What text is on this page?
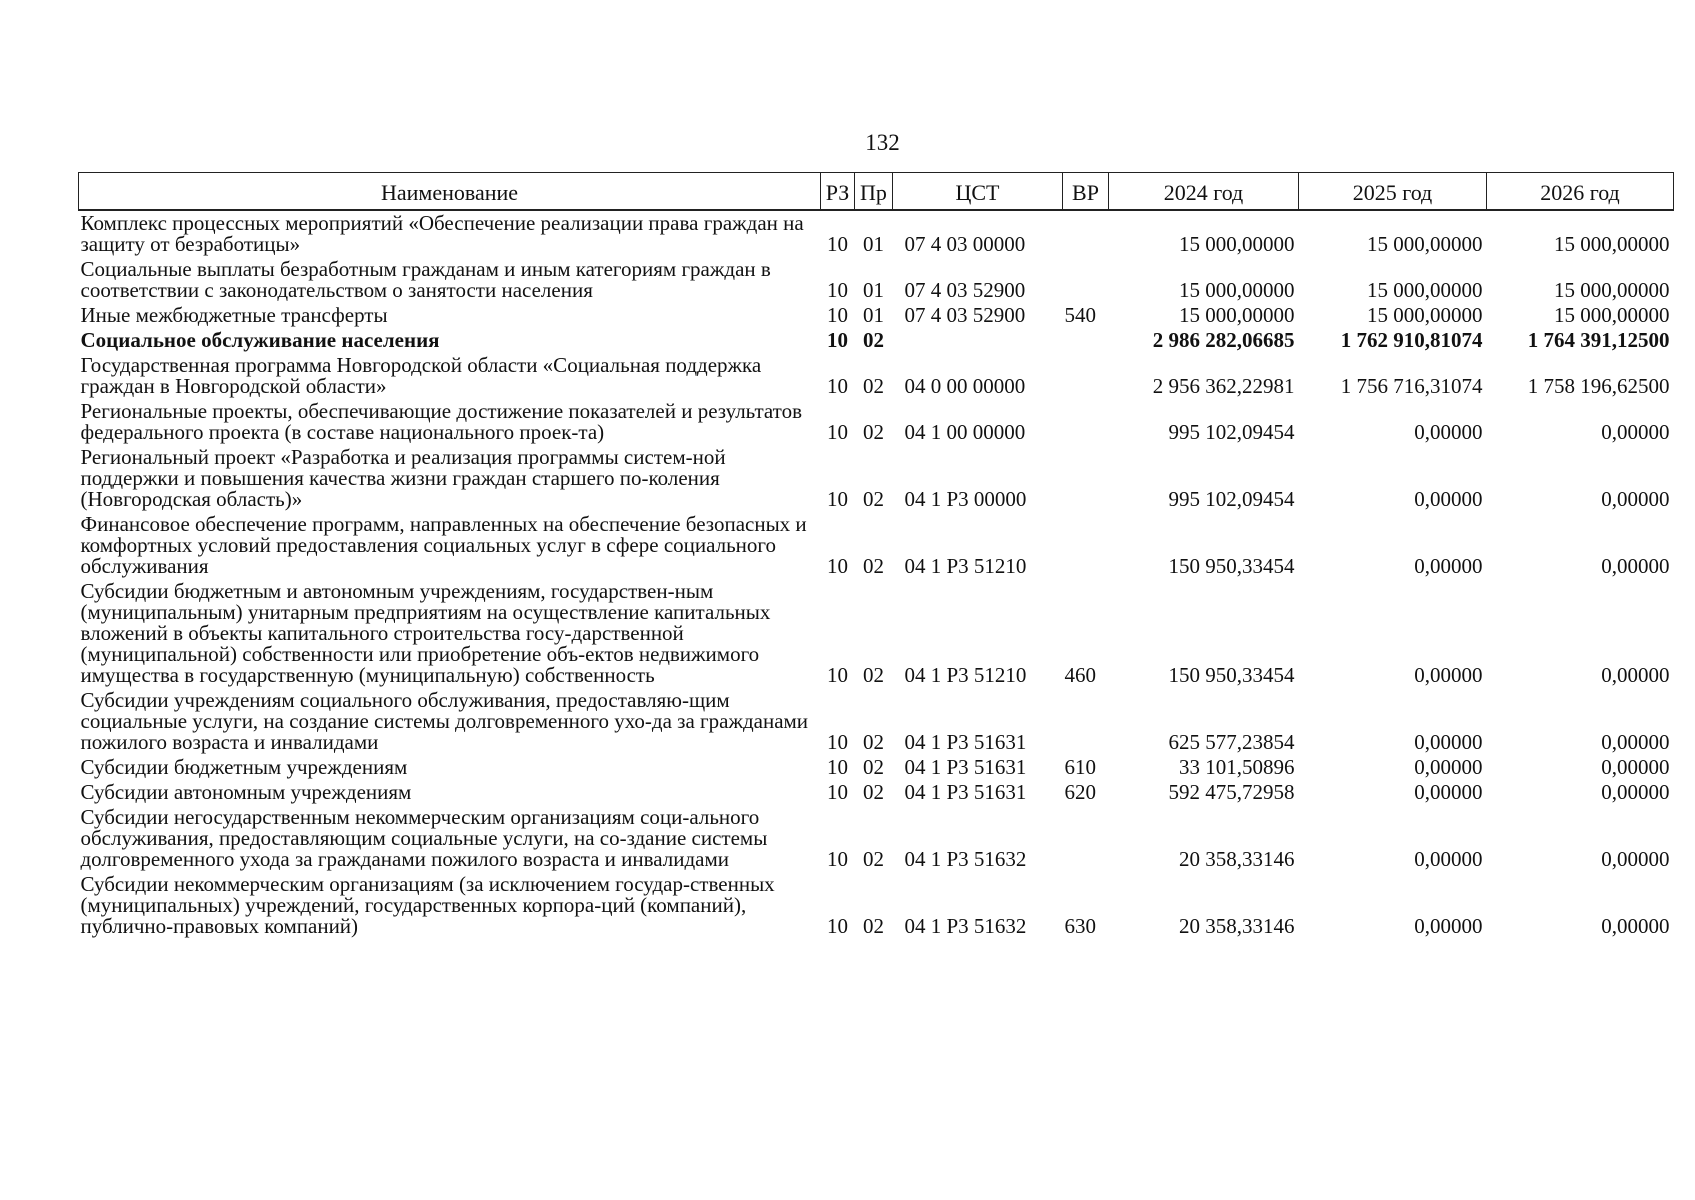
132
Наименование	РЗ	Пр	ЦСТ	ВР	2024 год	2025 год	2026 год
Комплекс процессных мероприятий «Обеспечение реализации права граждан на защиту от безработицы»	10	01	07 4 03 00000		15 000,00000	15 000,00000	15 000,00000
Социальные выплаты безработным гражданам и иным категориям граждан в соответствии с законодательством о занятости населения	10	01	07 4 03 52900		15 000,00000	15 000,00000	15 000,00000
Иные межбюджетные трансферты	10	01	07 4 03 52900	540	15 000,00000	15 000,00000	15 000,00000
Социальное обслуживание населения	10	02			2 986 282,06685	1 762 910,81074	1 764 391,12500
Государственная программа Новгородской области «Социальная поддержка граждан в Новгородской области»	10	02	04 0 00 00000		2 956 362,22981	1 756 716,31074	1 758 196,62500
Региональные проекты, обеспечивающие достижение показателей и результатов федерального проекта (в составе национального проек-та)	10	02	04 1 00 00000		995 102,09454	0,00000	0,00000
Региональный проект «Разработка и реализация программы систем-ной поддержки и повышения качества жизни граждан старшего по-коления (Новгородская область)»	10	02	04 1 P3 00000		995 102,09454	0,00000	0,00000
Финансовое обеспечение программ, направленных на обеспечение безопасных и комфортных условий предоставления социальных услуг в сфере социального обслуживания	10	02	04 1 P3 51210		150 950,33454	0,00000	0,00000
Субсидии бюджетным и автономным учреждениям, государствен-ным (муниципальным) унитарным предприятиям на осуществление капитальных вложений в объекты капитального строительства госу-дарственной (муниципальной) собственности или приобретение объ-ектов недвижимого имущества в государственную (муниципальную) собственность	10	02	04 1 P3 51210	460	150 950,33454	0,00000	0,00000
Субсидии учреждениям социального обслуживания, предоставляю-щим социальные услуги, на создание системы долговременного ухо-да за гражданами пожилого возраста и инвалидами	10	02	04 1 P3 51631		625 577,23854	0,00000	0,00000
Субсидии бюджетным учреждениям	10	02	04 1 P3 51631	610	33 101,50896	0,00000	0,00000
Субсидии автономным учреждениям	10	02	04 1 P3 51631	620	592 475,72958	0,00000	0,00000
Субсидии негосударственным некоммерческим организациям соци-ального обслуживания, предоставляющим социальные услуги, на со-здание системы долговременного ухода за гражданами пожилого возраста и инвалидами	10	02	04 1 P3 51632		20 358,33146	0,00000	0,00000
Субсидии некоммерческим организациям (за исключением государ-ственных (муниципальных) учреждений, государственных корпора-ций (компаний), публично-правовых компаний)	10	02	04 1 P3 51632	630	20 358,33146	0,00000	0,00000
